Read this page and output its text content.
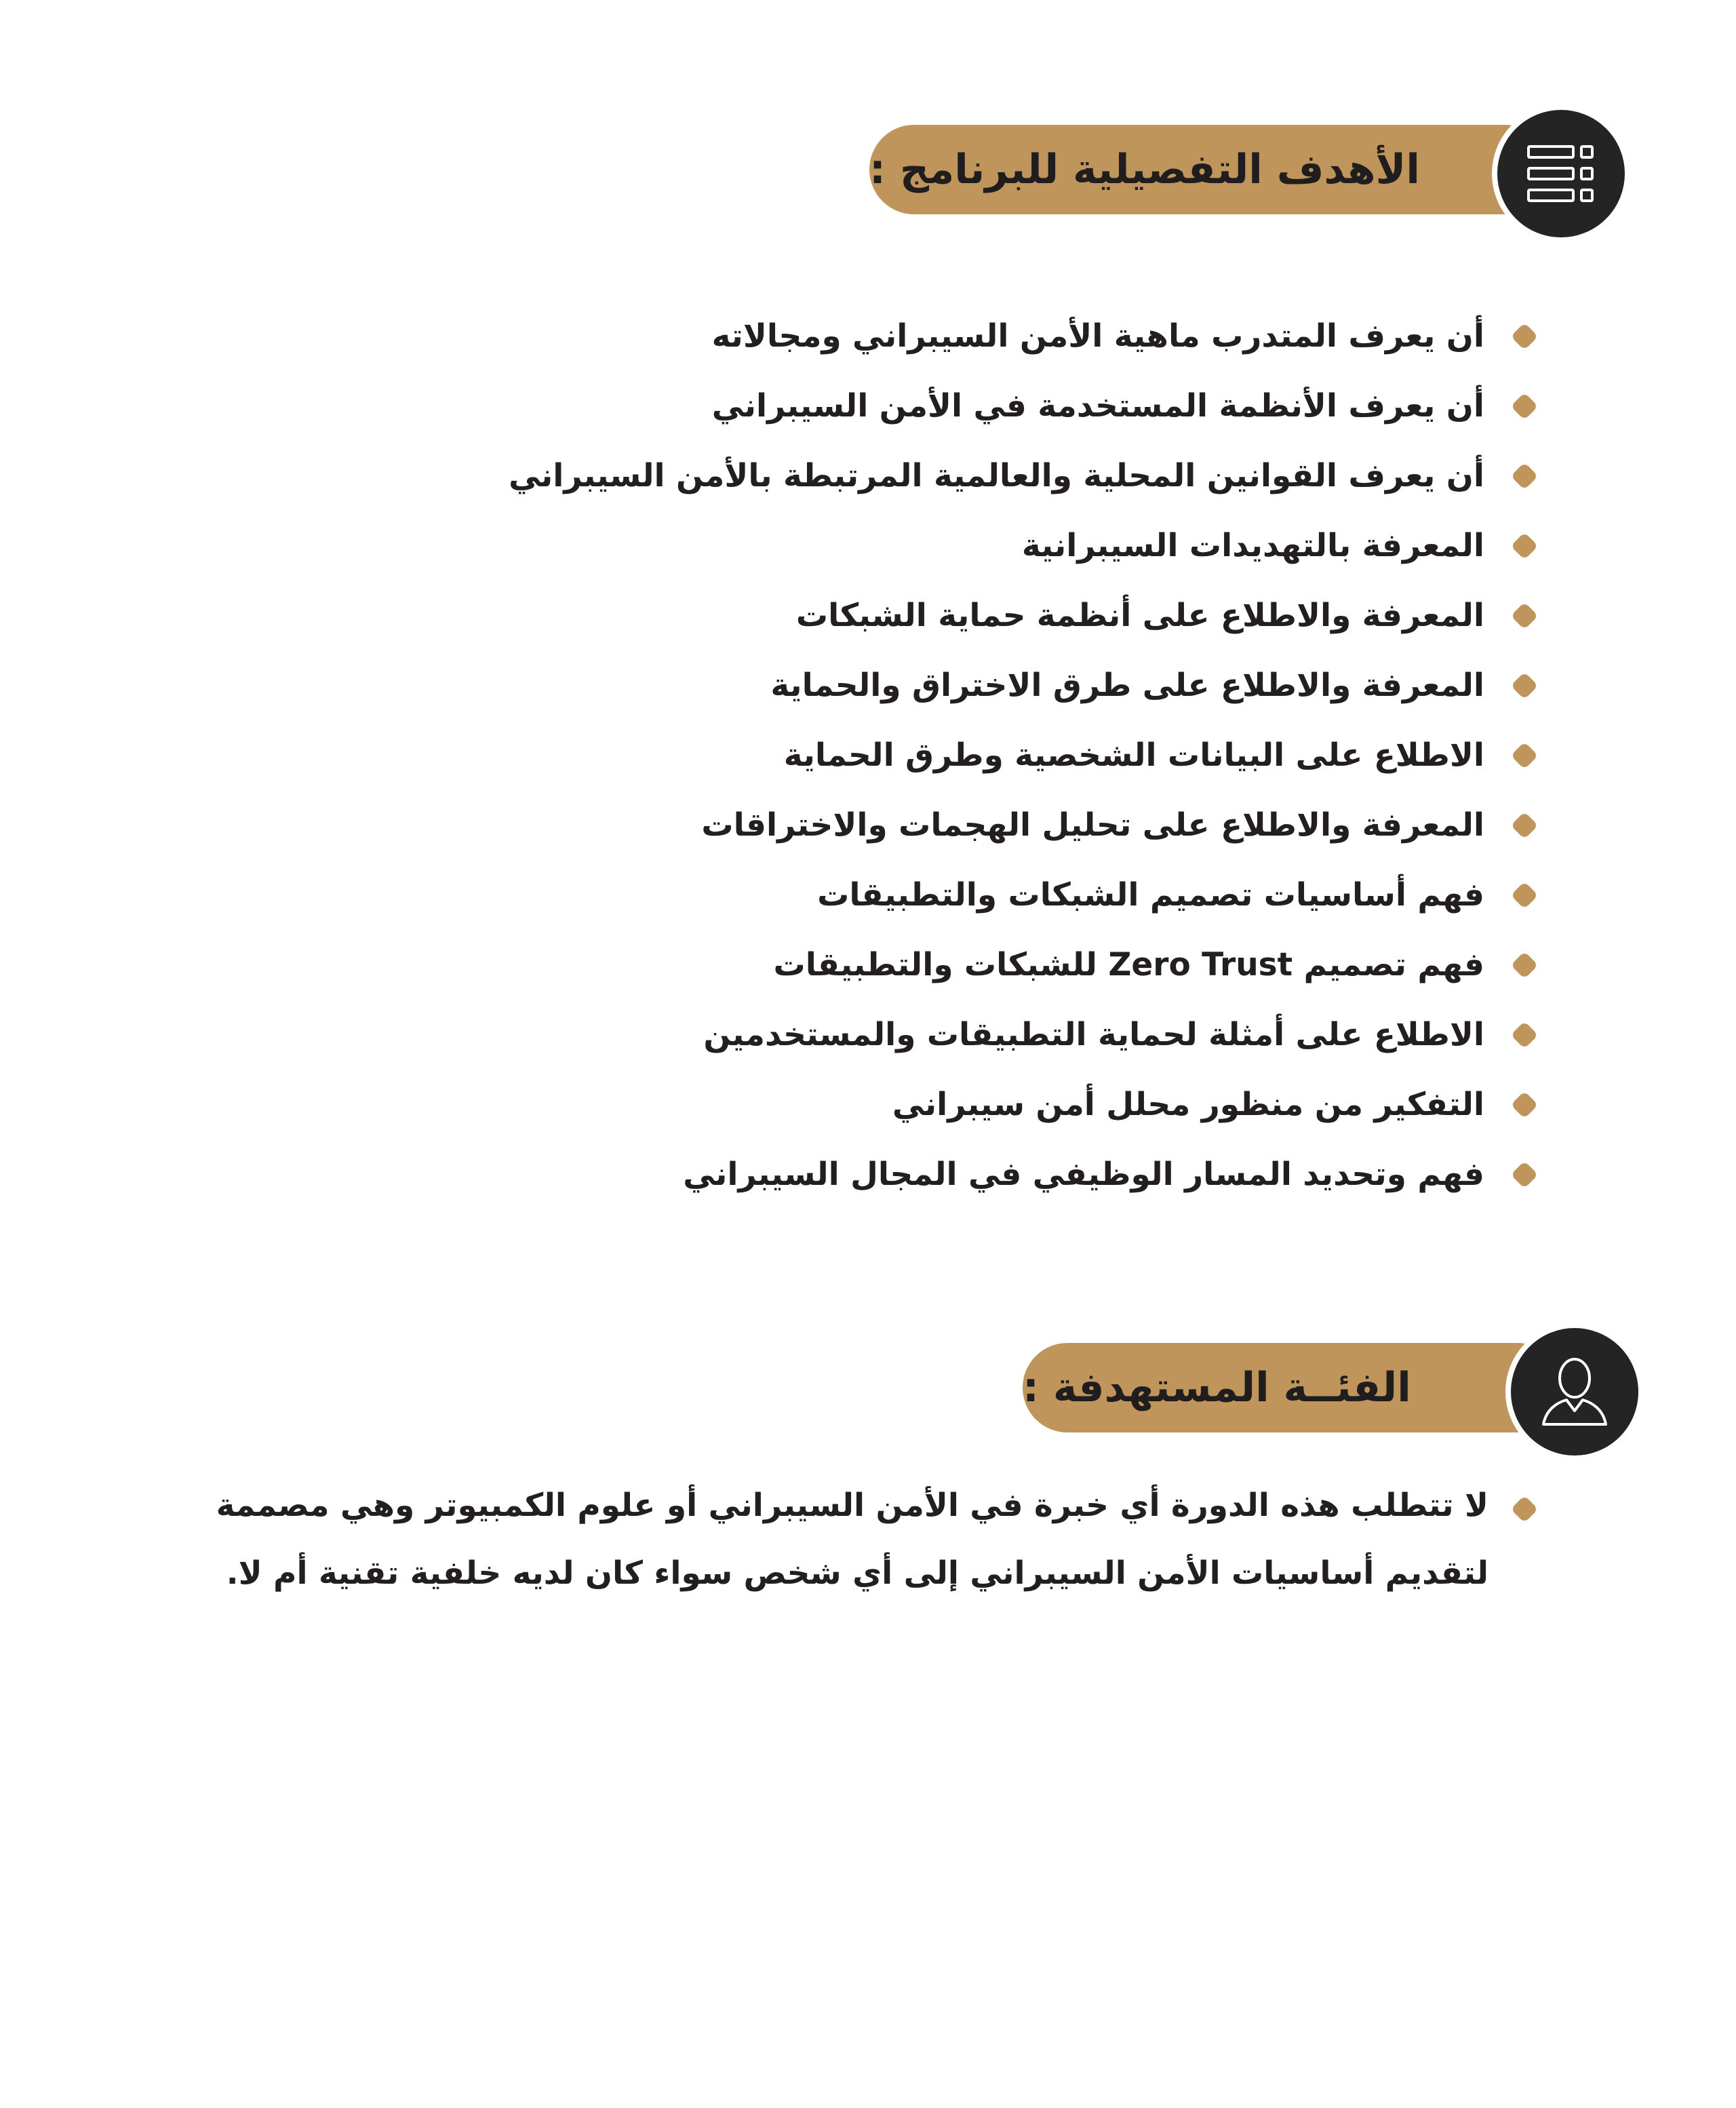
الأهدف التفصيلية للبرنامج :
أن يعرف المتدرب ماهية الأمن السيبراني ومجالاته
أن يعرف الأنظمة المستخدمة في الأمن السيبراني
أن يعرف القوانين المحلية والعالمية المرتبطة بالأمن السيبراني
المعرفة بالتهديدات السيبرانية
المعرفة والاطلاع على أنظمة حماية الشبكات
المعرفة والاطلاع على طرق الاختراق والحماية
الاطلاع على البيانات الشخصية وطرق الحماية
المعرفة والاطلاع على تحليل الهجمات والاختراقات
فهم أساسيات تصميم الشبكات والتطبيقات
فهم تصميم Zero Trust للشبكات والتطبيقات
الاطلاع على أمثلة لحماية التطبيقات والمستخدمين
التفكير من منظور محلل أمن سيبراني
فهم وتحديد المسار الوظيفي في المجال السيبراني
الفئــة المستهدفة :
لا تتطلب هذه الدورة أي خبرة في الأمن السيبراني أو علوم الكمبيوتر وهي مصممة لتقديم أساسيات الأمن السيبراني إلى أي شخص سواء كان لديه خلفية تقنية أم لا.
